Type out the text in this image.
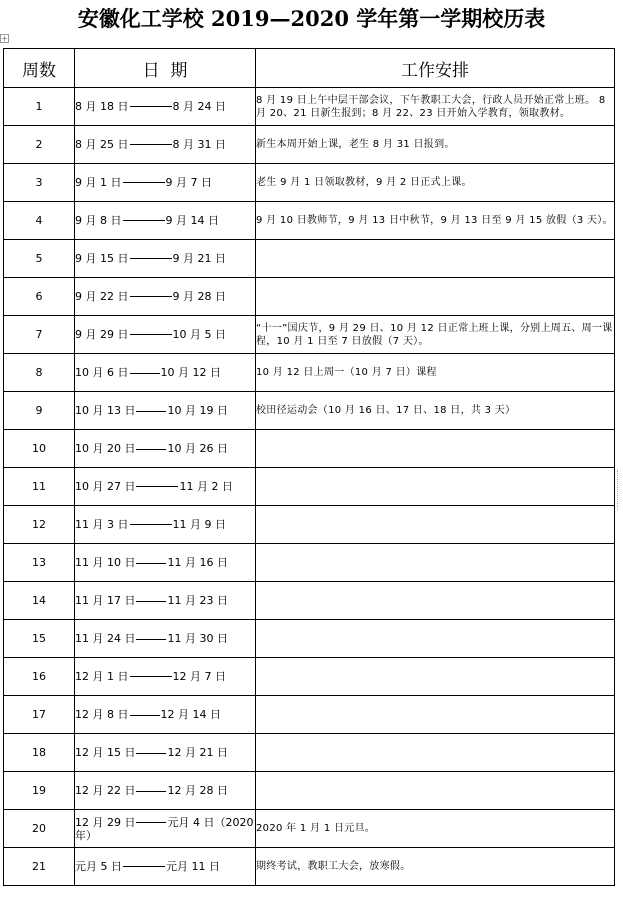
安徽化工学校 2019—2020 学年第一学期校历表
+
周数	日  期	工作安排
1	8 月 18 日 8 月 24 日	8 月 19 日上午中层干部会议，下午教职工大会，行政人员开始正常上班。 8 月 20、21 日新生报到；8 月 22、23 日开始入学教育，领取教材。
2	8 月 25 日 8 月 31 日	新生本周开始上课，老生 8 月 31 日报到。
3	9 月 1 日 9 月 7 日	老生 9 月 1 日领取教材，9 月 2 日正式上课。
4	9 月 8 日 9 月 14 日	9 月 10 日教师节，9 月 13 日中秋节，9 月 13 日至 9 月 15 放假（3 天）。
5	9 月 15 日 9 月 21 日	

6	9 月 22 日 9 月 28 日	

7	9 月 29 日 10 月 5 日	“十一”国庆节，9 月 29 日、10 月 12 日正常上班上课，分别上周五、周一课程，10 月 1 日至 7 日放假（7 天）。
8	10 月 6 日 10 月 12 日	10 月 12 日上周一（10 月 7 日）课程
9	10 月 13 日 10 月 19 日	校田径运动会（10 月 16 日、17 日、18 日，共 3 天）
10	10 月 20 日 10 月 26 日	

11	10 月 27 日 11 月 2 日	

12	11 月 3 日 11 月 9 日	

13	11 月 10 日 11 月 16 日	

14	11 月 17 日 11 月 23 日	

15	11 月 24 日 11 月 30 日	

16	12 月 1 日 12 月 7 日	

17	12 月 8 日 12 月 14 日	

18	12 月 15 日 12 月 21 日	

19	12 月 22 日 12 月 28 日	

20	12 月 29 日 元月 4 日（2020 年）	2020 年 1 月 1 日元旦。
21	元月 5 日 元月 11 日	期终考试，教职工大会，放寒假。
